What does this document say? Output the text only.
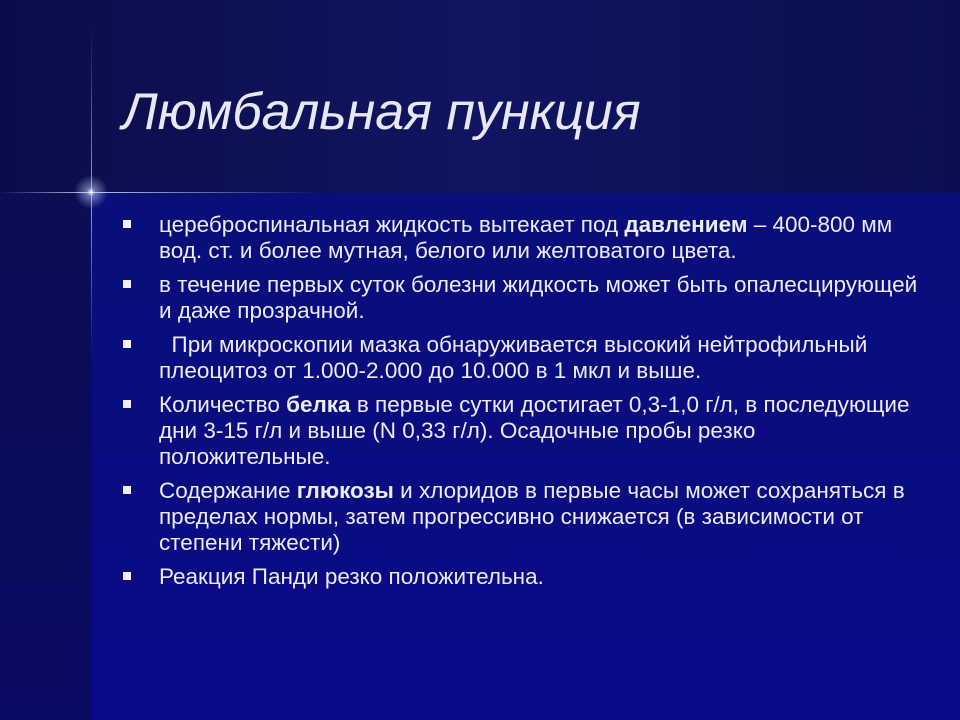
Люмбальная пункция
цереброспинальная жидкость вытекает под давлением – 400-800 мм вод. ст. и более мутная, белого или желтоватого цвета.
в течение первых суток болезни жидкость может быть опалесцирующей и даже прозрачной.
При микроскопии мазка обнаруживается высокий нейтрофильный плеоцитоз от 1.000-2.000 до 10.000 в 1 мкл и выше.
Количество белка в первые сутки достигает 0,3-1,0 г/л, в последующие дни 3-15 г/л и выше (N 0,33 г/л). Осадочные пробы резко положительные.
Содержание глюкозы и хлоридов в первые часы может сохраняться в пределах нормы, затем прогрессивно снижается (в зависимости от степени тяжести)
Реакция Панди резко положительна.
